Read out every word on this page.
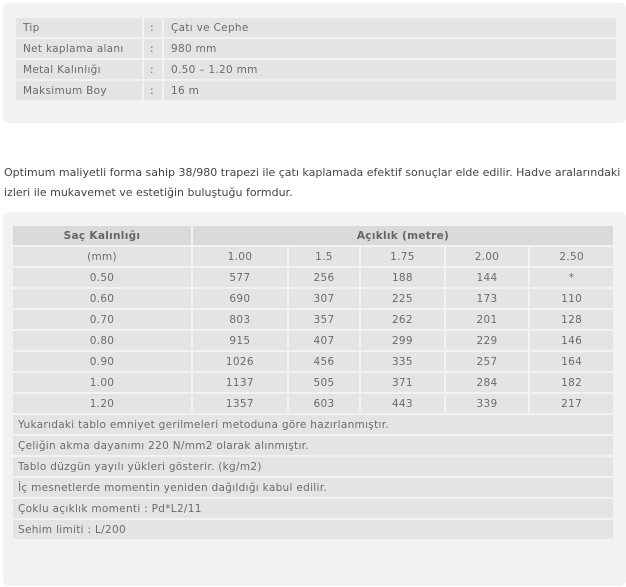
Tip	:	Çatı ve Cephe
Net kaplama alanı	:	980 mm
Metal Kalınlığı	:	0.50 – 1.20 mm
Maksimum Boy	:	16 m

Optimum maliyetli forma sahip 38/980 trapezi ile çatı kaplamada efektif sonuçlar elde edilir. Hadve aralarındaki izleri ile mukavemet ve estetiğin buluştuğu formdur.

Saç Kalınlığı	Açıklık (metre)				
(mm)	1.00	1.5	1.75	2.00	2.50
0.50	577	256	188	144	*
0.60	690	307	225	173	110
0.70	803	357	262	201	128
0.80	915	407	299	229	146
0.90	1026	456	335	257	164
1.00	1137	505	371	284	182
1.20	1357	603	443	339	217
Yukarıdaki tablo emniyet gerilmeleri metoduna göre hazırlanmıştır.					
Çeliğin akma dayanımı 220 N/mm2 olarak alınmıştır.					
Tablo düzgün yayılı yükleri gösterir. (kg/m2)					
İç mesnetlerde momentin yeniden dağıldığı kabul edilir.					
Çoklu açıklık momenti : Pd*L2/11					
Sehim limiti : L/200					
